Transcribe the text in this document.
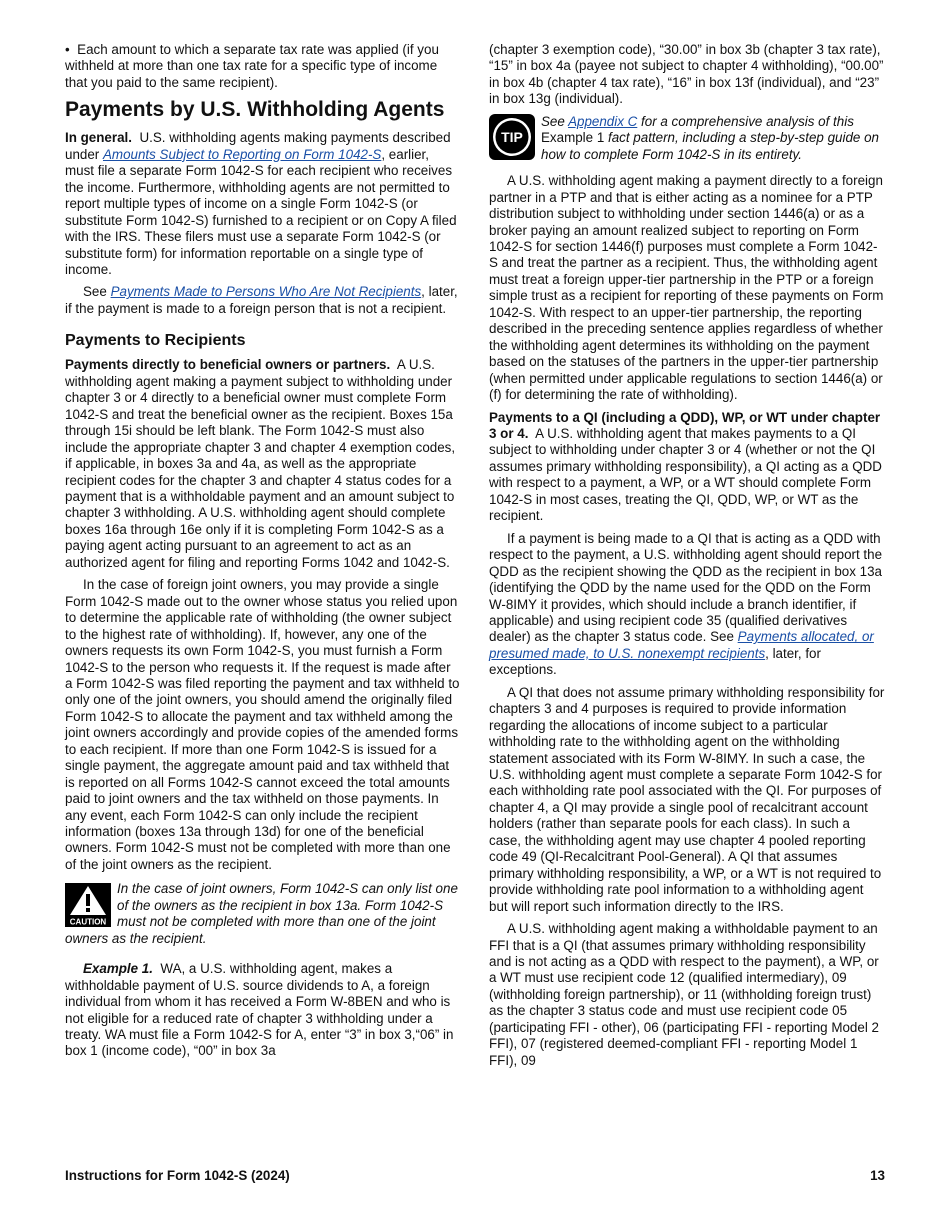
•  Each amount to which a separate tax rate was applied (if you withheld at more than one tax rate for a specific type of income that you paid to the same recipient).

Payments by U.S. Withholding Agents

In general. U.S. withholding agents making payments described under Amounts Subject to Reporting on Form 1042-S, earlier, must file a separate Form 1042-S for each recipient who receives the income. Furthermore, withholding agents are not permitted to report multiple types of income on a single Form 1042-S (or substitute Form 1042-S) furnished to a recipient or on Copy A filed with the IRS. These filers must use a separate Form 1042-S (or substitute form) for information reportable on a single type of income.

See Payments Made to Persons Who Are Not Recipients, later, if the payment is made to a foreign person that is not a recipient.

Payments to Recipients

Payments directly to beneficial owners or partners. A U.S. withholding agent making a payment subject to withholding under chapter 3 or 4 directly to a beneficial owner must complete Form 1042-S and treat the beneficial owner as the recipient. Boxes 15a through 15i should be left blank. The Form 1042-S must also include the appropriate chapter 3 and chapter 4 exemption codes, if applicable, in boxes 3a and 4a, as well as the appropriate recipient codes for the chapter 3 and chapter 4 status codes for a payment that is a withholdable payment and an amount subject to chapter 3 withholding. A U.S. withholding agent should complete boxes 16a through 16e only if it is completing Form 1042-S as a paying agent acting pursuant to an agreement to act as an authorized agent for filing and reporting Forms 1042 and 1042-S.

In the case of foreign joint owners, you may provide a single Form 1042-S made out to the owner whose status you relied upon to determine the applicable rate of withholding (the owner subject to the highest rate of withholding). If, however, any one of the owners requests its own Form 1042-S, you must furnish a Form 1042-S to the person who requests it. If the request is made after a Form 1042-S was filed reporting the payment and tax withheld to only one of the joint owners, you should amend the originally filed Form 1042-S to allocate the payment and tax withheld among the joint owners accordingly and provide copies of the amended forms to each recipient. If more than one Form 1042-S is issued for a single payment, the aggregate amount paid and tax withheld that is reported on all Forms 1042-S cannot exceed the total amounts paid to joint owners and the tax withheld on those payments. In any event, each Form 1042-S can only include the recipient information (boxes 13a through 13d) for one of the beneficial owners. Form 1042-S must not be completed with more than one of the joint owners as the recipient.

CAUTION
In the case of joint owners, Form 1042-S can only list one of the owners as the recipient in box 13a. Form 1042-S must not be completed with more than one of the joint owners as the recipient.

Example 1. WA, a U.S. withholding agent, makes a withholdable payment of U.S. source dividends to A, a foreign individual from whom it has received a Form W-8BEN and who is not eligible for a reduced rate of chapter 3 withholding under a treaty. WA must file a Form 1042-S for A, enter “3” in box 3,“06” in box 1 (income code), “00” in box 3a

(chapter 3 exemption code), “30.00” in box 3b (chapter 3 tax rate), “15” in box 4a (payee not subject to chapter 4 withholding), “00.00” in box 4b (chapter 4 tax rate), “16” in box 13f (individual), and “23” in box 13g (individual).

TIP
See Appendix C for a comprehensive analysis of this Example 1 fact pattern, including a step-by-step guide on how to complete Form 1042-S in its entirety.

A U.S. withholding agent making a payment directly to a foreign partner in a PTP and that is either acting as a nominee for a PTP distribution subject to withholding under section 1446(a) or as a broker paying an amount realized subject to reporting on Form 1042-S for section 1446(f) purposes must complete a Form 1042-S and treat the partner as a recipient. Thus, the withholding agent must treat a foreign upper-tier partnership in the PTP or a foreign simple trust as a recipient for reporting of these payments on Form 1042-S. With respect to an upper-tier partnership, the reporting described in the preceding sentence applies regardless of whether the withholding agent determines its withholding on the payment based on the statuses of the partners in the upper-tier partnership (when permitted under applicable regulations to section 1446(a) or (f) for determining the rate of withholding).

Payments to a QI (including a QDD), WP, or WT under chapter 3 or 4. A U.S. withholding agent that makes payments to a QI subject to withholding under chapter 3 or 4 (whether or not the QI assumes primary withholding responsibility), a QI acting as a QDD with respect to a payment, a WP, or a WT should complete Form 1042-S in most cases, treating the QI, QDD, WP, or WT as the recipient.

If a payment is being made to a QI that is acting as a QDD with respect to the payment, a U.S. withholding agent should report the QDD as the recipient showing the QDD as the recipient in box 13a (identifying the QDD by the name used for the QDD on the Form W-8IMY it provides, which should include a branch identifier, if applicable) and using recipient code 35 (qualified derivatives dealer) as the chapter 3 status code. See Payments allocated, or presumed made, to U.S. nonexempt recipients, later, for exceptions.

A QI that does not assume primary withholding responsibility for chapters 3 and 4 purposes is required to provide information regarding the allocations of income subject to a particular withholding rate to the withholding agent on the withholding statement associated with its Form W-8IMY. In such a case, the U.S. withholding agent must complete a separate Form 1042-S for each withholding rate pool associated with the QI. For purposes of chapter 4, a QI may provide a single pool of recalcitrant account holders (rather than separate pools for each class). In such a case, the withholding agent may use chapter 4 pooled reporting code 49 (QI-Recalcitrant Pool-General). A QI that assumes primary withholding responsibility, a WP, or a WT is not required to provide withholding rate pool information to a withholding agent but will report such information directly to the IRS.

A U.S. withholding agent making a withholdable payment to an FFI that is a QI (that assumes primary withholding responsibility and is not acting as a QDD with respect to the payment), a WP, or a WT must use recipient code 12 (qualified intermediary), 09 (withholding foreign partnership), or 11 (withholding foreign trust) as the chapter 3 status code and must use recipient code 05 (participating FFI - other), 06 (participating FFI - reporting Model 2 FFI), 07 (registered deemed-compliant FFI - reporting Model 1 FFI), 09

Instructions for Form 1042-S (2024)	13
